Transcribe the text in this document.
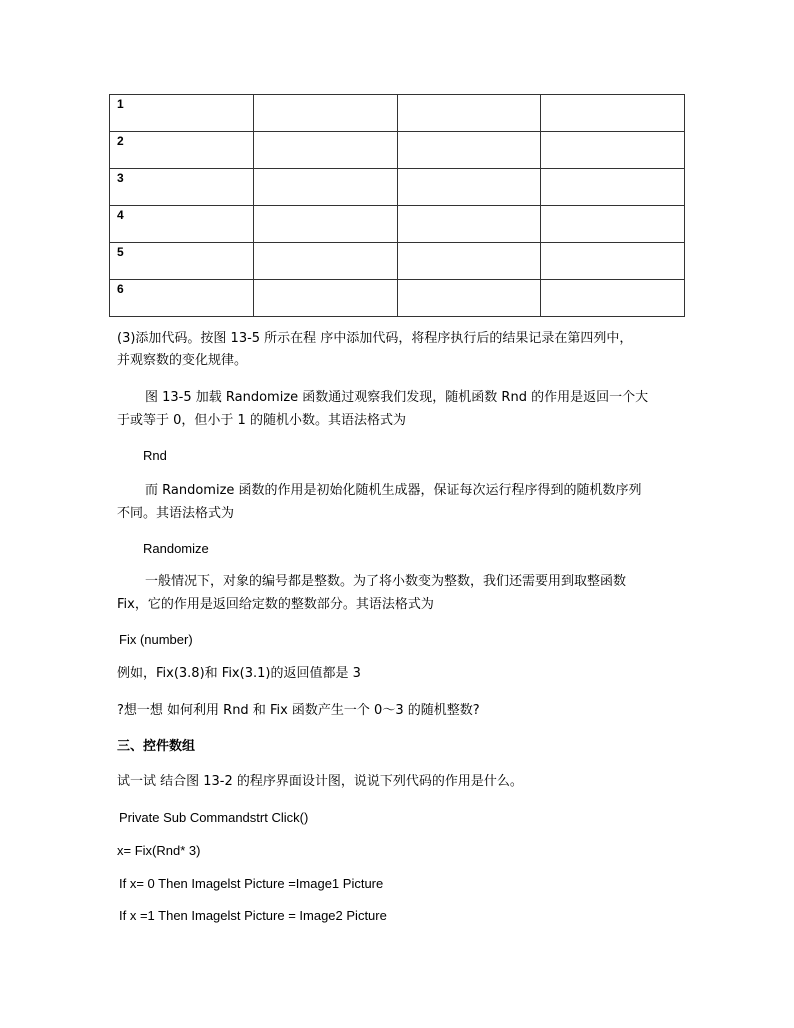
1			
2			
3			
4			
5			
6			
(3)添加代码。按图 13-5 所示在程 序中添加代码，将程序执行后的结果记录在第四列中，
并观察数的变化规律。
图 13-5 加载 Randomize 函数通过观察我们发现，随机函数 Rnd 的作用是返回一个大
于或等于 0，但小于 1 的随机小数。其语法格式为
Rnd
而 Randomize 函数的作用是初始化随机生成器，保证每次运行程序得到的随机数序列
不同。其语法格式为
Randomize
一般情况下，对象的编号都是整数。为了将小数变为整数，我们还需要用到取整函数
Fix，它的作用是返回给定数的整数部分。其语法格式为
Fix (number)
例如，Fix(3.8)和 Fix(3.1)的返回值都是 3
?想一想 如何利用 Rnd 和 Fix 函数产生一个 0～3 的随机整数?
三、控件数组
试一试 结合图 13-2 的程序界面设计图，说说下列代码的作用是什么。
Private Sub Commandstrt Click()
x= Fix(Rnd* 3)
If x= 0 Then Imagelst Picture =Image1 Picture
If x =1 Then Imagelst Picture = Image2 Picture
